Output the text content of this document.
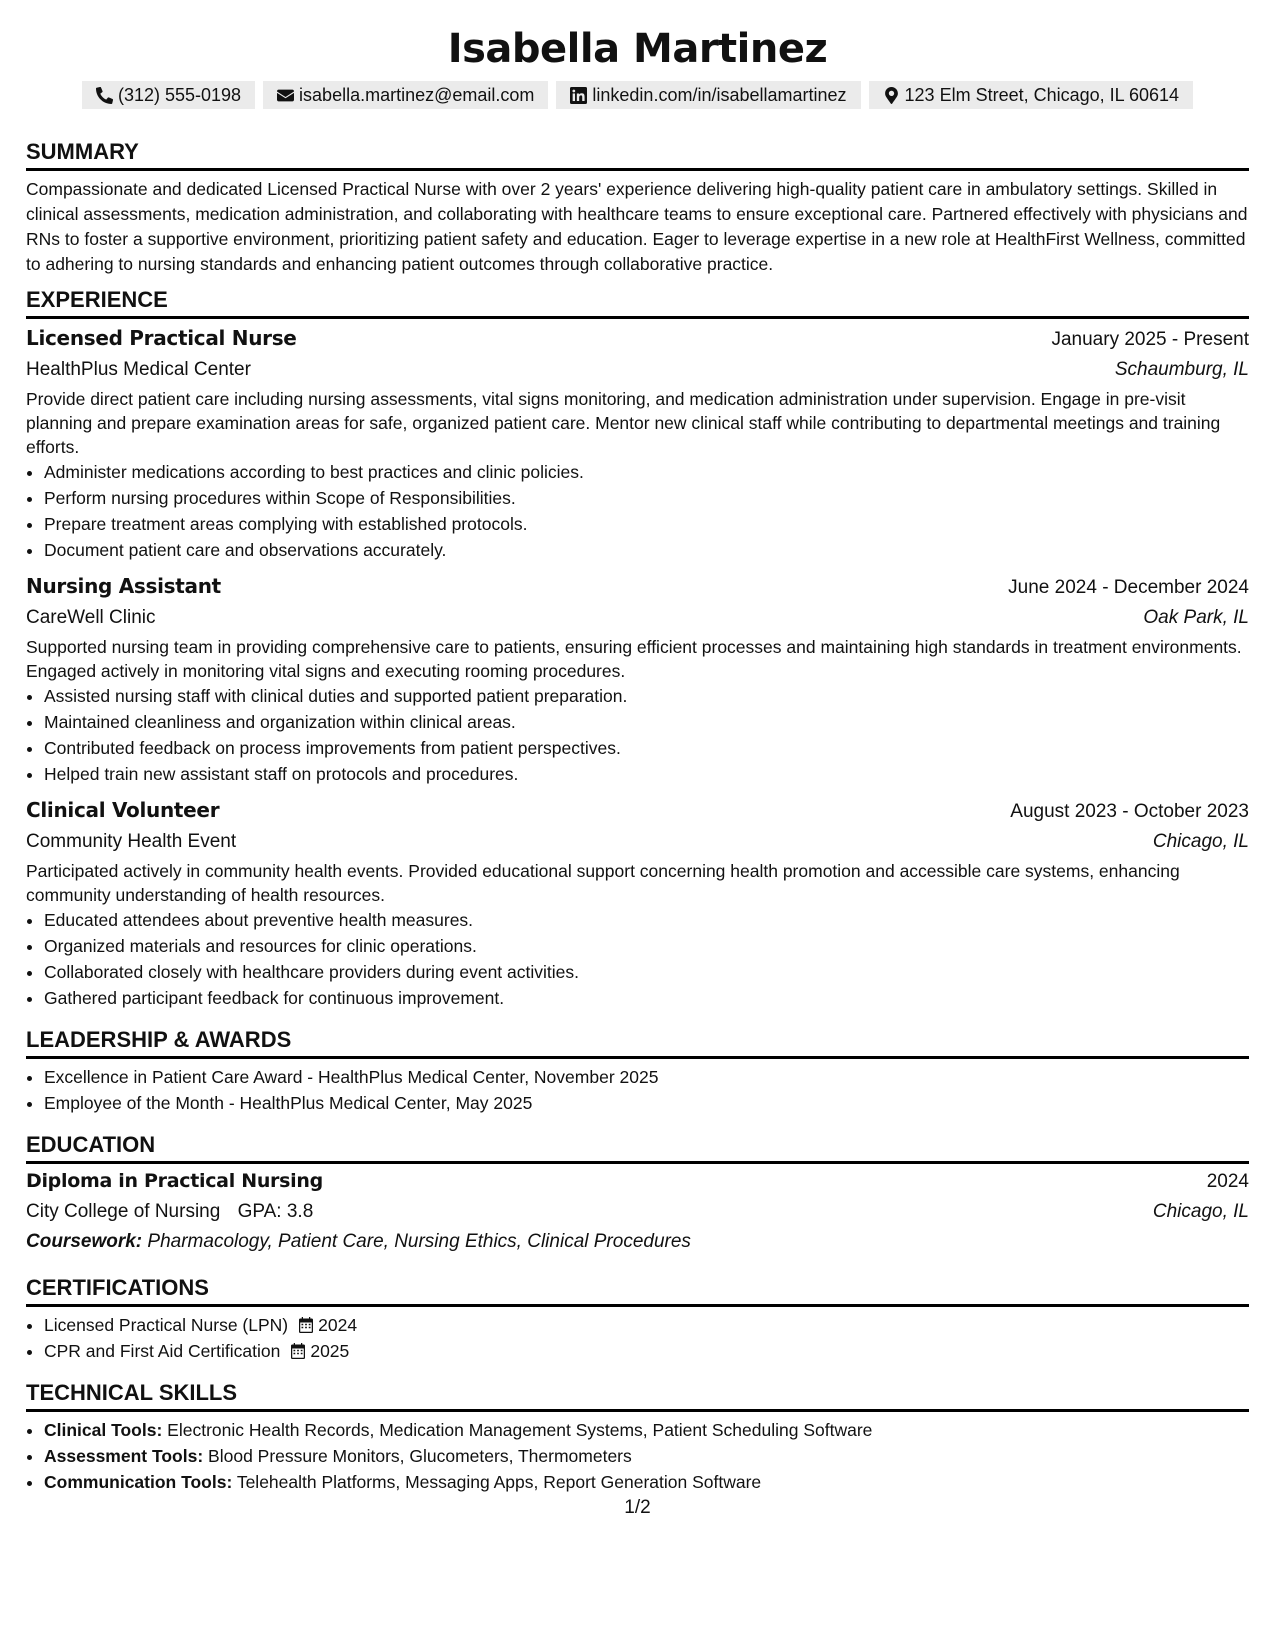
Isabella Martinez
(312) 555-0198	isabella.martinez@email.com	linkedin.com/in/isabellamartinez	123 Elm Street, Chicago, IL 60614
SUMMARY

Compassionate and dedicated Licensed Practical Nurse with over 2 years' experience delivering high-quality patient care in ambulatory settings. Skilled in clinical assessments, medication administration, and collaborating with healthcare teams to ensure exceptional care. Partnered effectively with physicians and RNs to foster a supportive environment, prioritizing patient safety and education. Eager to leverage expertise in a new role at HealthFirst Wellness, committed to adhering to nursing standards and enhancing patient outcomes through collaborative practice.

EXPERIENCE
Licensed Practical Nurse	January 2025 - Present
HealthPlus Medical Center	Schaumburg, IL

Provide direct patient care including nursing assessments, vital signs monitoring, and medication administration under supervision. Engage in pre-visit planning and prepare examination areas for safe, organized patient care. Mentor new clinical staff while contributing to departmental meetings and training efforts.

• Administer medications according to best practices and clinic policies.
• Perform nursing procedures within Scope of Responsibilities.
• Prepare treatment areas complying with established protocols.
• Document patient care and observations accurately.
Nursing Assistant	June 2024 - December 2024
CareWell Clinic	Oak Park, IL

Supported nursing team in providing comprehensive care to patients, ensuring efficient processes and maintaining high standards in treatment environments. Engaged actively in monitoring vital signs and executing rooming procedures.

• Assisted nursing staff with clinical duties and supported patient preparation.
• Maintained cleanliness and organization within clinical areas.
• Contributed feedback on process improvements from patient perspectives.
• Helped train new assistant staff on protocols and procedures.
Clinical Volunteer	August 2023 - October 2023
Community Health Event	Chicago, IL

Participated actively in community health events. Provided educational support concerning health promotion and accessible care systems, enhancing community understanding of health resources.

• Educated attendees about preventive health measures.
• Organized materials and resources for clinic operations.
• Collaborated closely with healthcare providers during event activities.
• Gathered participant feedback for continuous improvement.
LEADERSHIP & AWARDS
• Excellence in Patient Care Award - HealthPlus Medical Center, November 2025
• Employee of the Month - HealthPlus Medical Center, May 2025
EDUCATION
Diploma in Practical Nursing	2024
City College of Nursing GPA: 3.8	Chicago, IL
Coursework: Pharmacology, Patient Care, Nursing Ethics, Clinical Procedures
CERTIFICATIONS
• Licensed Practical Nurse (LPN) 2024
• CPR and First Aid Certification 2025
TECHNICAL SKILLS
• Clinical Tools: Electronic Health Records, Medication Management Systems, Patient Scheduling Software
• Assessment Tools: Blood Pressure Monitors, Glucometers, Thermometers
• Communication Tools: Telehealth Platforms, Messaging Apps, Report Generation Software
1/2
